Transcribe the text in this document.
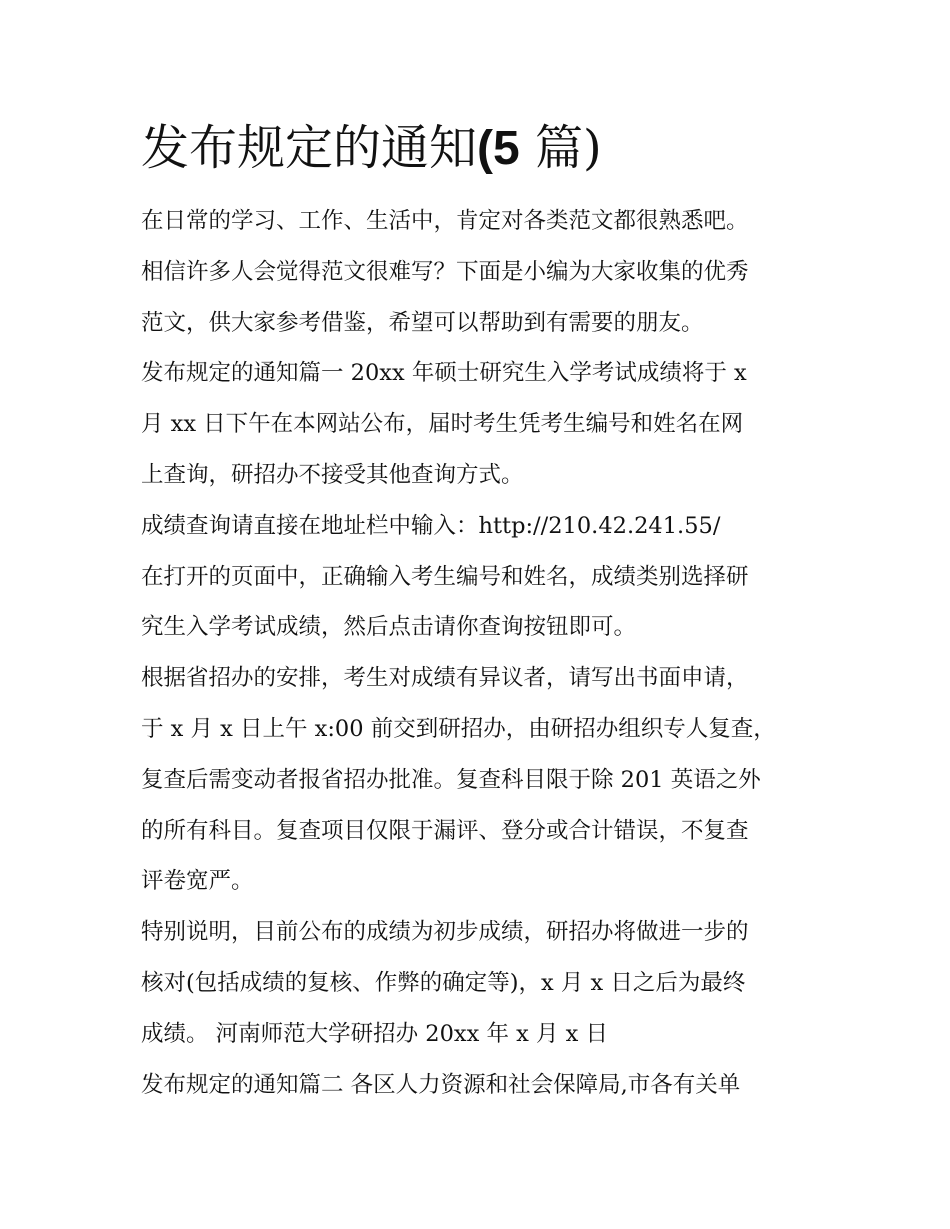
发布规定的通知(5 篇)
在日常的学习、工作、生活中，肯定对各类范文都很熟悉吧。
相信许多人会觉得范文很难写？下面是小编为大家收集的优秀
范文，供大家参考借鉴，希望可以帮助到有需要的朋友。
发布规定的通知篇一 20xx 年硕士研究生入学考试成绩将于 x
月 xx 日下午在本网站公布，届时考生凭考生编号和姓名在网
上查询，研招办不接受其他查询方式。
成绩查询请直接在地址栏中输入：http://210.42.241.55/
在打开的页面中，正确输入考生编号和姓名，成绩类别选择研
究生入学考试成绩，然后点击请你查询按钮即可。
根据省招办的安排，考生对成绩有异议者，请写出书面申请，
于 x 月 x 日上午 x:00 前交到研招办，由研招办组织专人复查，
复查后需变动者报省招办批准。复查科目限于除 201 英语之外
的所有科目。复查项目仅限于漏评、登分或合计错误，不复查
评卷宽严。
特别说明，目前公布的成绩为初步成绩，研招办将做进一步的
核对(包括成绩的复核、作弊的确定等)，x 月 x 日之后为最终
成绩。 河南师范大学研招办 20xx 年 x 月 x 日
发布规定的通知篇二 各区人力资源和社会保障局,市各有关单
